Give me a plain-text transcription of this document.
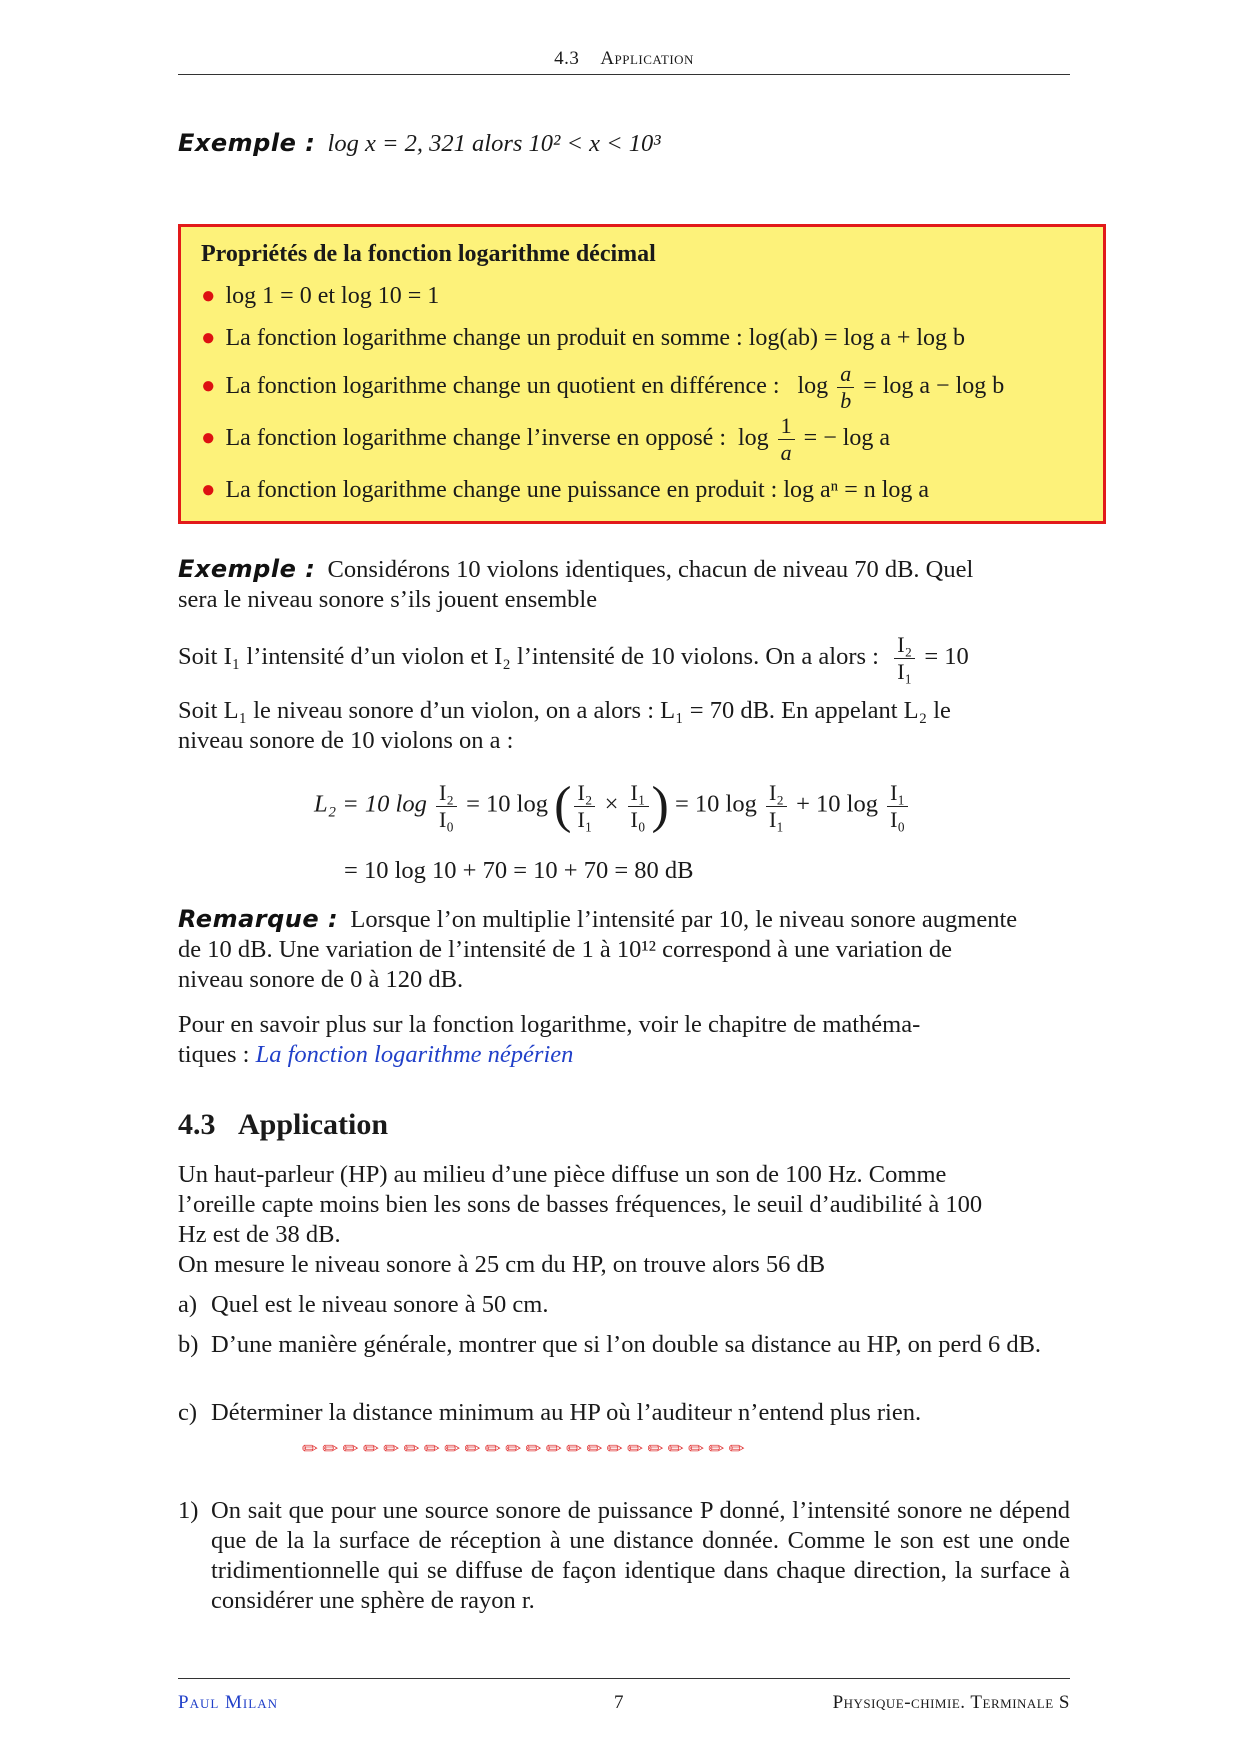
4.3 Application
Exemple : log x = 2, 321 alors 10² < x < 10³
Propriétés de la fonction logarithme décimal
● log 1 = 0 et log 10 = 1
● La fonction logarithme change un produit en somme : log(ab) = log a + log b
● La fonction logarithme change un quotient en différence : $\log \frac{a}{b} = \log a - \log b$
● La fonction logarithme change l’inverse en opposé : $\log \frac{1}{a}$ = − log a
● La fonction logarithme change une puissance en produit : log aⁿ = n log a
Exemple : Considérons 10 violons identiques, chacun de niveau 70 dB. Quel
sera le niveau sonore s’ils jouent ensemble
Soit I₁ l’intensité d’un violon et I₂ l’intensité de 10 violons. On a alors : $\frac{\text{I₂}}{\text{I₁}} = 10$
Soit L₁ le niveau sonore d’un violon, on a alors : L₁ = 70 dB. En appelant L₂ le
niveau sonore de 10 violons on a :
L₂ = 10 $\log \frac{\text{I₂}}{\text{I₀}} = 10$ log ( $\frac{\text{I₂}}{\text{I₁}} \times \frac{\text{I₁}}{\text{I₀}}$ ) = 10 $\log \frac{\text{I₂}}{\text{I₁}} + 10$ $\log \frac{\text{I₁}}{\text{I₀}}$
= 10 log 10 + 70 = 10 + 70 = 80 dB
Remarque : Lorsque l’on multiplie l’intensité par 10, le niveau sonore augmente
de 10 dB. Une variation de l’intensité de 1 à 10¹² correspond à une variation de
niveau sonore de 0 à 120 dB.
Pour en savoir plus sur la fonction logarithme, voir le chapitre de mathéma-
tiques : La fonction logarithme népérien
4.3 Application
Un haut-parleur (HP) au milieu d’une pièce diffuse un son de 100 Hz. Comme
l’oreille capte moins bien les sons de basses fréquences, le seuil d’audibilité à 100
Hz est de 38 dB.
On mesure le niveau sonore à 25 cm du HP, on trouve alors 56 dB
a) Quel est le niveau sonore à 50 cm.
b) D’une manière générale, montrer que si l’on double sa distance au HP, on perd 6 dB.
c) Déterminer la distance minimum au HP où l’auditeur n’entend plus rien.
✏✏✏✏✏✏✏✏✏✏✏✏✏✏✏✏✏✏✏✏✏✏
1) On sait que pour une source sonore de puissance P donné, l’intensité sonore ne dépend que de la la surface de réception à une distance donnée. Comme le son est une onde tridimentionnelle qui se diffuse de façon identique dans chaque direction, la surface à considérer une sphère de rayon r.
Paul Milan	7	Physique-chimie. Terminale S
